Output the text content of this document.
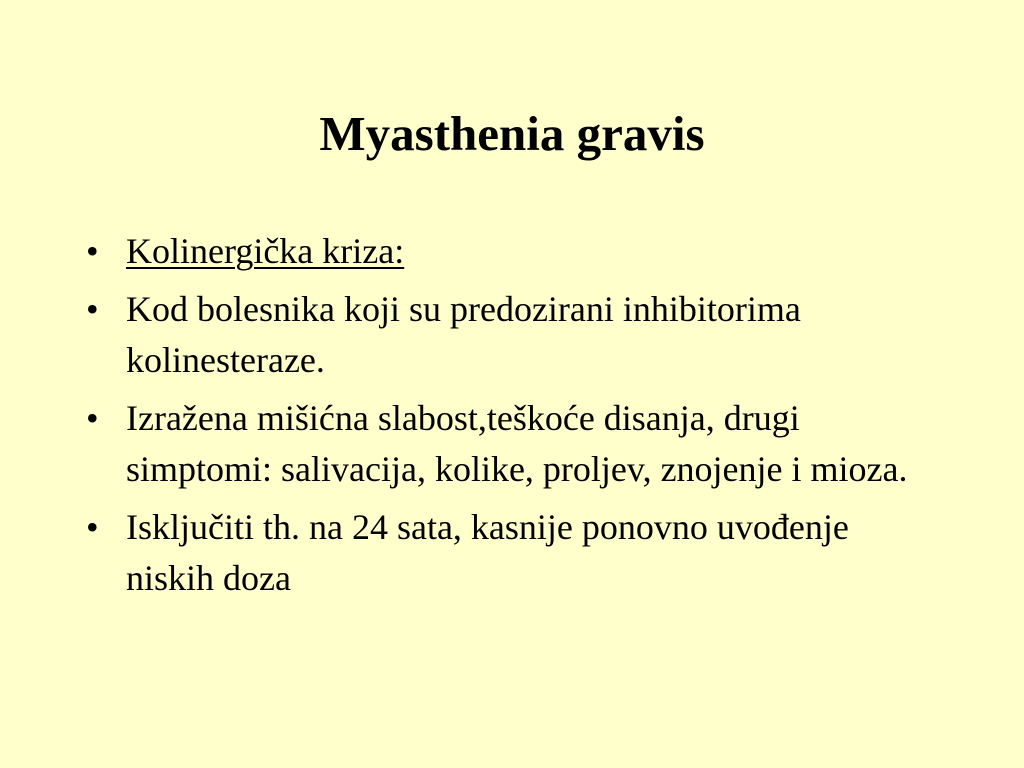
Myasthenia gravis
• Kolinergička kriza:
• Kod bolesnika koji su predozirani inhibitorima kolinesteraze.
• Izražena mišićna slabost,teškoće disanja, drugi simptomi: salivacija, kolike, proljev, znojenje i mioza.
• Isključiti th. na 24 sata, kasnije ponovno uvođenje niskih doza
